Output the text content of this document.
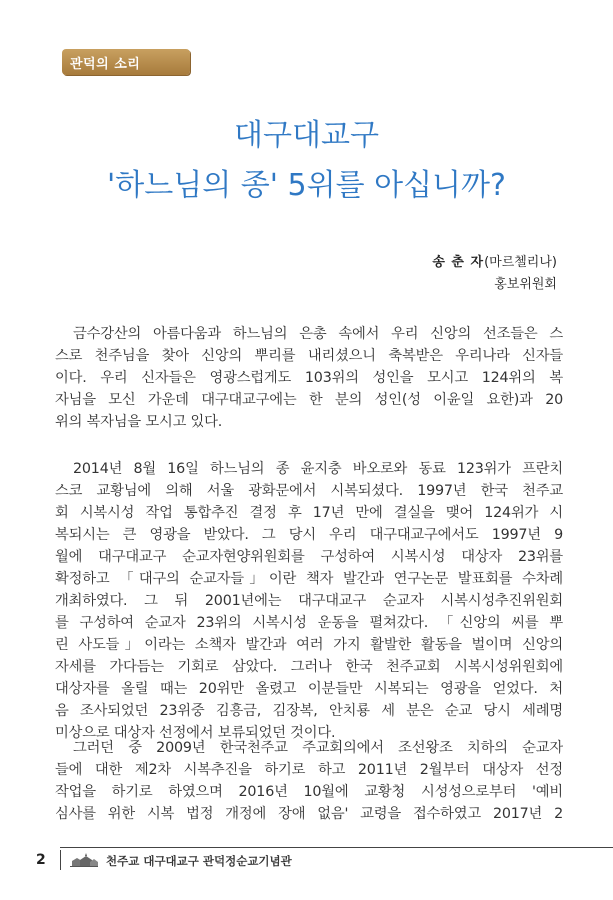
관덕의 소리
대구대교구
'하느님의 종' 5위를 아십니까?
송 춘 자(마르첼리나)
홍보위원회
금수강산의 아름다움과 하느님의 은총 속에서 우리 신앙의 선조들은 스
스로 천주님을 찾아 신앙의 뿌리를 내리셨으니 축복받은 우리나라 신자들
이다. 우리 신자들은 영광스럽게도 103위의 성인을 모시고 124위의 복
자님을 모신 가운데 대구대교구에는 한 분의 성인(성 이윤일 요한)과 20
위의 복자님을 모시고 있다.
2014년 8월 16일 하느님의 종 윤지충 바오로와 동료 123위가 프란치
스코 교황님에 의해 서울 광화문에서 시복되셨다. 1997년 한국 천주교
회 시복시성 작업 통합추진 결정 후 17년 만에 결실을 맺어 124위가 시
복되시는 큰 영광을 받았다. 그 당시 우리 대구대교구에서도 1997년 9
월에 대구대교구 순교자현양위원회를 구성하여 시복시성 대상자 23위를
확정하고 「대구의 순교자들」이란 책자 발간과 연구논문 발표회를 수차례
개최하였다. 그 뒤 2001년에는 대구대교구 순교자 시복시성추진위원회
를 구성하여 순교자 23위의 시복시성 운동을 펼쳐갔다. 「신앙의 씨를 뿌
린 사도들」이라는 소책자 발간과 여러 가지 활발한 활동을 벌이며 신앙의
자세를 가다듬는 기회로 삼았다. 그러나 한국 천주교회 시복시성위원회에
대상자를 올릴 때는 20위만 올렸고 이분들만 시복되는 영광을 얻었다. 처
음 조사되었던 23위중 김흥금, 김장복, 안치룡 세 분은 순교 당시 세례명
미상으로 대상자 선정에서 보류되었던 것이다.
그러던 중 2009년 한국천주교 주교회의에서 조선왕조 치하의 순교자
들에 대한 제2차 시복추진을 하기로 하고 2011년 2월부터 대상자 선정
작업을 하기로 하였으며 2016년 10월에 교황청 시성성으로부터 '예비
심사를 위한 시복 법정 개정에 장애 없음' 교령을 접수하였고 2017년 2
2	천주교 대구대교구 관덕정순교기념관
